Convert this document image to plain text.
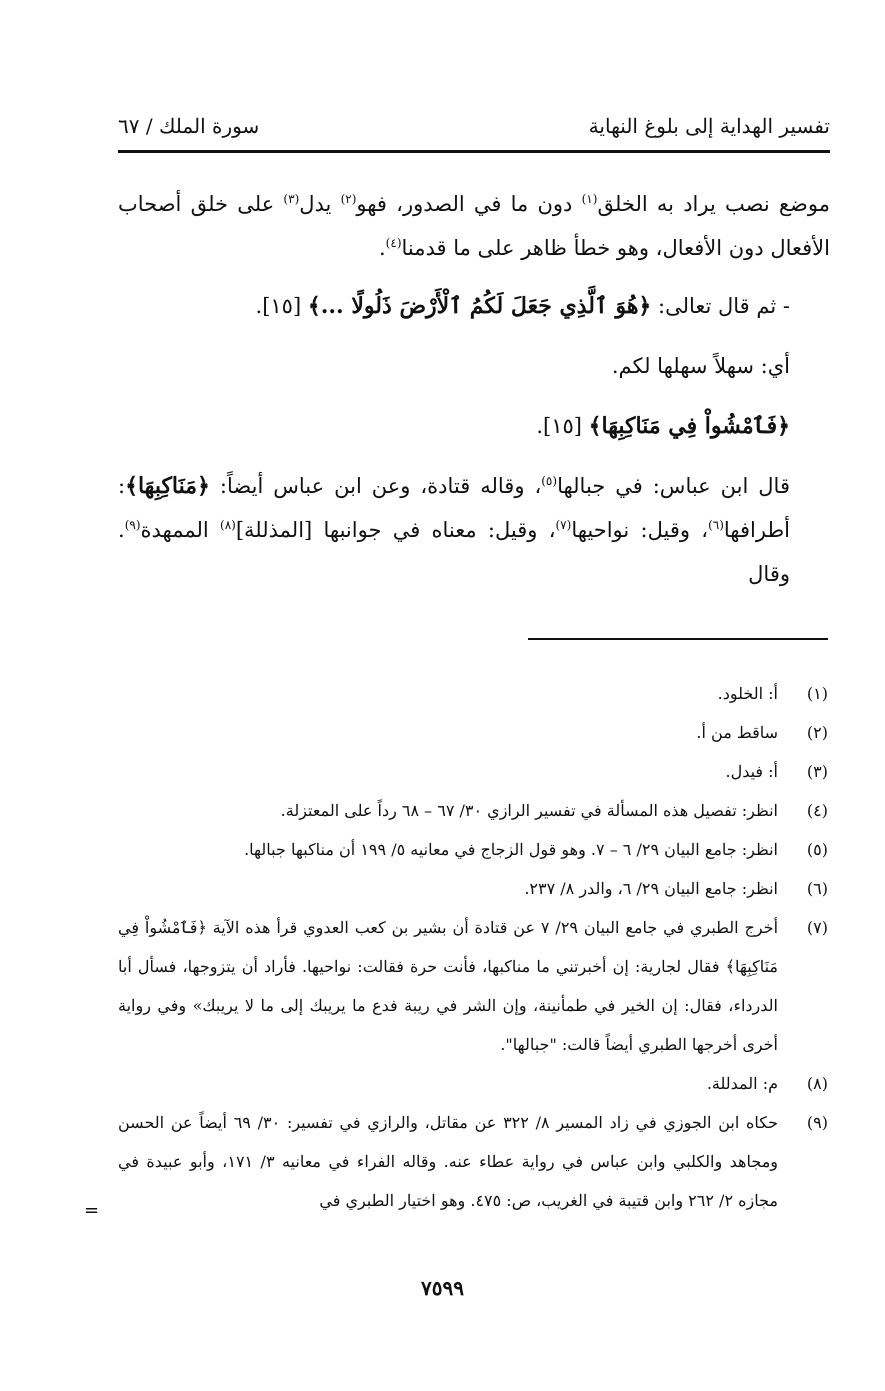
تفسير الهداية إلى بلوغ النهاية
سورة الملك / ٦٧

موضع نصب يراد به الخلق$^{(١)}$ دون ما في الصدور، فهو$^{(٢)}$ يدل$^{(٣)}$ على خلق أصحاب الأفعال دون الأفعال، وهو خطأ ظاهر على ما قدمنا$^{(٤)}$.

- ثم قال تعالى: ﴿هُوَ ٱلَّذِي جَعَلَ لَكُمُ ٱلْأَرْضَ ذَلُولًا ...﴾ [١٥].

أي: سهلاً سهلها لكم.

﴿فَٱمْشُواْ فِي مَنَاكِبِهَا﴾ [١٥].

قال ابن عباس: في جبالها$^{(٥)}$، وقاله قتادة، وعن ابن عباس أيضاً: ﴿مَنَاكِبِهَا﴾: أطرافها$^{(٦)}$، وقيل: نواحيها$^{(٧)}$، وقيل: معناه في جوانبها [المذللة]$^{(٨)}$ الممهدة$^{(٩)}$. وقال

(١)
أ: الخلود.
(٢)
ساقط من أ.
(٣)
أ: فيدل.
(٤)
انظر: تفصيل هذه المسألة في تفسير الرازي ٣٠/ ٦٧ – ٦٨ رداً على المعتزلة.
(٥)
انظر: جامع البيان ٢٩/ ٦ – ٧. وهو قول الزجاج في معانيه ٥/ ١٩٩ أن مناكبها جبالها.
(٦)
انظر: جامع البيان ٢٩/ ٦، والدر ٨/ ٢٣٧.
(٧)
أخرج الطبري في جامع البيان ٢٩/ ٧ عن قتادة أن بشير بن كعب العدوي قرأ هذه الآية ﴿فَٱمْشُواْ فِي مَنَاكِبِهَا﴾ فقال لجارية: إن أخبرتني ما مناكبها، فأنت حرة فقالت: نواحيها. فأراد أن يتزوجها، فسأل أبا الدرداء، فقال: إن الخير في طمأنينة، وإن الشر في ريبة فدع ما يريبك إلى ما لا يريبك» وفي رواية أخرى أخرجها الطبري أيضاً قالت: "جبالها".
(٨)
م: المدللة.
(٩)
حكاه ابن الجوزي في زاد المسير ٨/ ٣٢٢ عن مقاتل، والرازي في تفسير: ٣٠/ ٦٩ أيضاً عن الحسن ومجاهد والكلبي وابن عباس في رواية عطاء عنه. وقاله الفراء في معانيه ٣/ ١٧١، وأبو عبيدة في مجازه ٢/ ٢٦٢ وابن قتيبة في الغريب، ص: ٤٧٥. وهو اختيار الطبري في
=
٧٥٩٩
